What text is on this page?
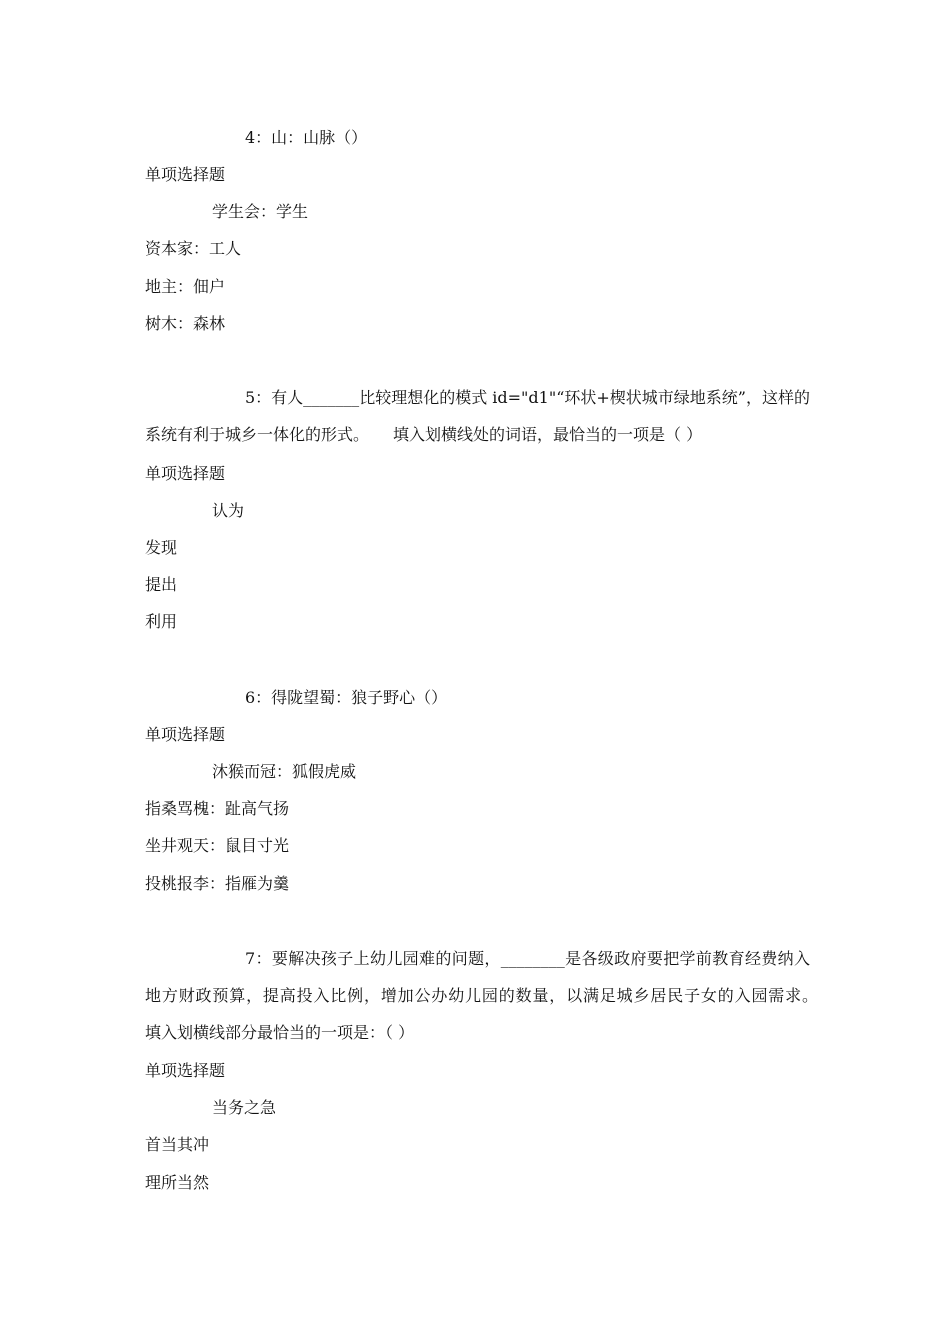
4：山：山脉（）
单项选择题
学生会：学生
资本家：工人
地主：佃户
树木：森林
5：有人_______比较理想化的模式 id="d1"“环状+楔状城市绿地系统”，这样的系统有利于城乡一体化的形式。　　填入划横线处的词语，最恰当的一项是（ ）
单项选择题
认为
发现
提出
利用
6：得陇望蜀：狼子野心（）
单项选择题
沐猴而冠：狐假虎威
指桑骂槐：趾高气扬
坐井观天：鼠目寸光
投桃报李：指雁为羹
7：要解决孩子上幼儿园难的问题，________是各级政府要把学前教育经费纳入地方财政预算，提高投入比例，增加公办幼儿园的数量，以满足城乡居民子女的入园需求。　　填入划横线部分最恰当的一项是：（ ）
单项选择题
当务之急
首当其冲
理所当然
